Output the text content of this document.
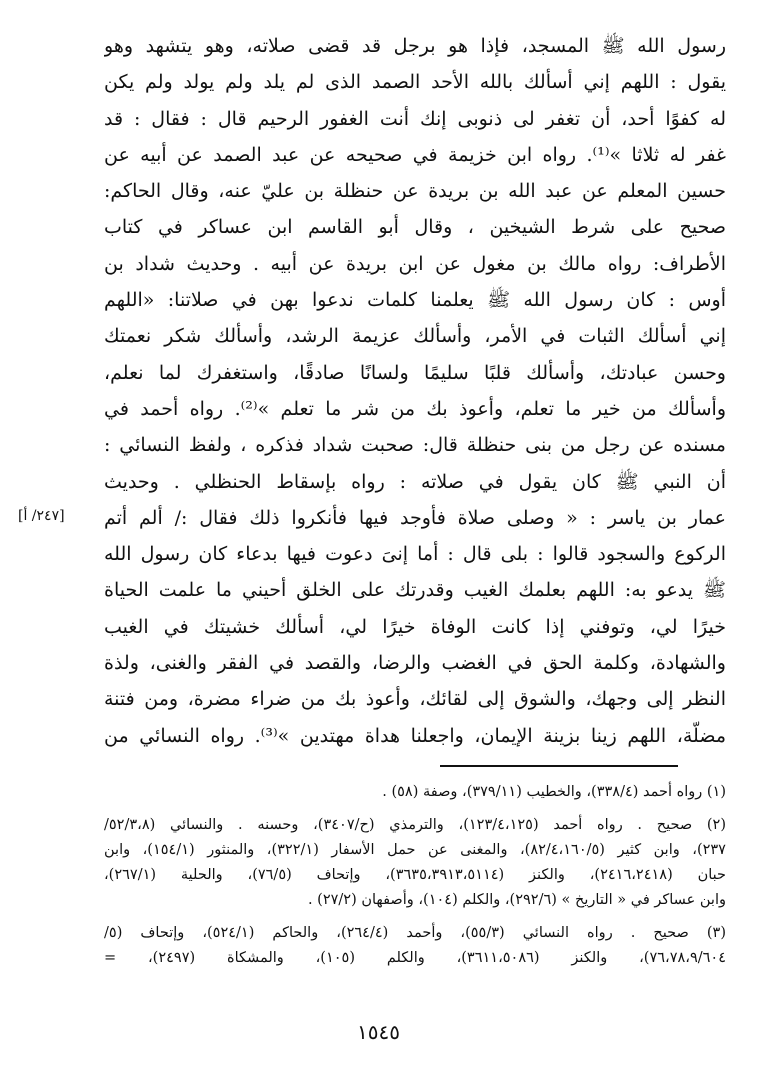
رسول الله ﷺ المسجد، فإذا هو برجل قد قضى صلاته، وهو يتشهد وهو
يقول : اللهم إني أسألك بالله الأحد الصمد الذى لم يلد ولم يولد ولم يكن
له كفوًا أحد، أن تغفر لى ذنوبى إنك أنت الغفور الرحيم قال : فقال : قد
غفر له ثلاثا »⁽¹⁾. رواه ابن خزيمة في صحيحه عن عبد الصمد عن أبيه عن
حسين المعلم عن عبد الله بن بريدة عن حنظلة بن عليّ عنه، وقال الحاكم:
صحيح على شرط الشيخين ، وقال أبو القاسم ابن عساكر في كتاب
الأطراف: رواه مالك بن مغول عن ابن بريدة عن أبيه . وحديث شداد بن
أوس : كان رسول الله ﷺ يعلمنا كلمات ندعوا بهن في صلاتنا: «اللهم
إني أسألك الثبات في الأمر، وأسألك عزيمة الرشد، وأسألك شكر نعمتك
وحسن عبادتك، وأسألك قلبًا سليمًا ولسانًا صادقًا، واستغفرك لما نعلم،
وأسألك من خير ما تعلم، وأعوذ بك من شر ما تعلم »⁽²⁾. رواه أحمد في
مسنده عن رجل من بنى حنظلة قال: صحبت شداد فذكره ، ولفظ النسائي :
أن النبي ﷺ كان يقول في صلاته : رواه بإسقاط الحنظلي . وحديث
عمار بن ياسر : « وصلى صلاة فأوجد فيها فأنكروا ذلك فقال :/ ألم أتم
الركوع والسجود قالوا : بلى قال : أما إنىَ دعوت فيها بدعاء كان رسول الله
ﷺ يدعو به: اللهم بعلمك الغيب وقدرتك على الخلق أحيني ما علمت الحياة
خيرًا لي، وتوفني إذا كانت الوفاة خيرًا لي، أسألك خشيتك في الغيب
والشهادة، وكلمة الحق في الغضب والرضا، والقصد في الفقر والغنى، ولذة
النظر إلى وجهك، والشوق إلى لقائك، وأعوذ بك من ضراء مضرة، ومن فتنة
مضلّة، اللهم زينا بزينة الإيمان، واجعلنا هداة مهتدين »⁽³⁾. رواه النسائي من
[٢٤٧/ أ]
(١) رواه أحمد (٣٣٨/٤)، والخطيب (٣٧٩/١١)، وصفة (٥٨) .
(٢) صحيح . رواه أحمد (١٢٣/٤،١٢٥)، والترمذي (ح/٣٤٠٧)، وحسنه . والنسائي (٥٢/٣،٨/
٢٣٧)، وابن كثير (٨٢/٤،١٦٠/٥)، والمغنى عن حمل الأسفار (٣٢٢/١)، والمنثور (١٥٤/١)، وابن
حبان (٢٤١٦،٢٤١٨)، والكنز (٣٦٣٥،٣٩١٣،٥١١٤)، وإتحاف (٧٦/٥)، والحلية (٢٦٧/١)،
وابن عساكر في « التاريخ » (٢٩٢/٦)، والكلم (١٠٤)، وأصفهان (٢٧/٢) .
(٣) صحيح . رواه النسائي (٥٥/٣)، وأحمد (٢٦٤/٤)، والحاكم (٥٢٤/١)، وإتحاف (٥/
٧٦،٧٨،٩/٦٠٤)، والكنز (٣٦١١،٥٠٨٦)، والكلم (١٠٥)، والمشكاة (٢٤٩٧)، =
١٥٤٥
